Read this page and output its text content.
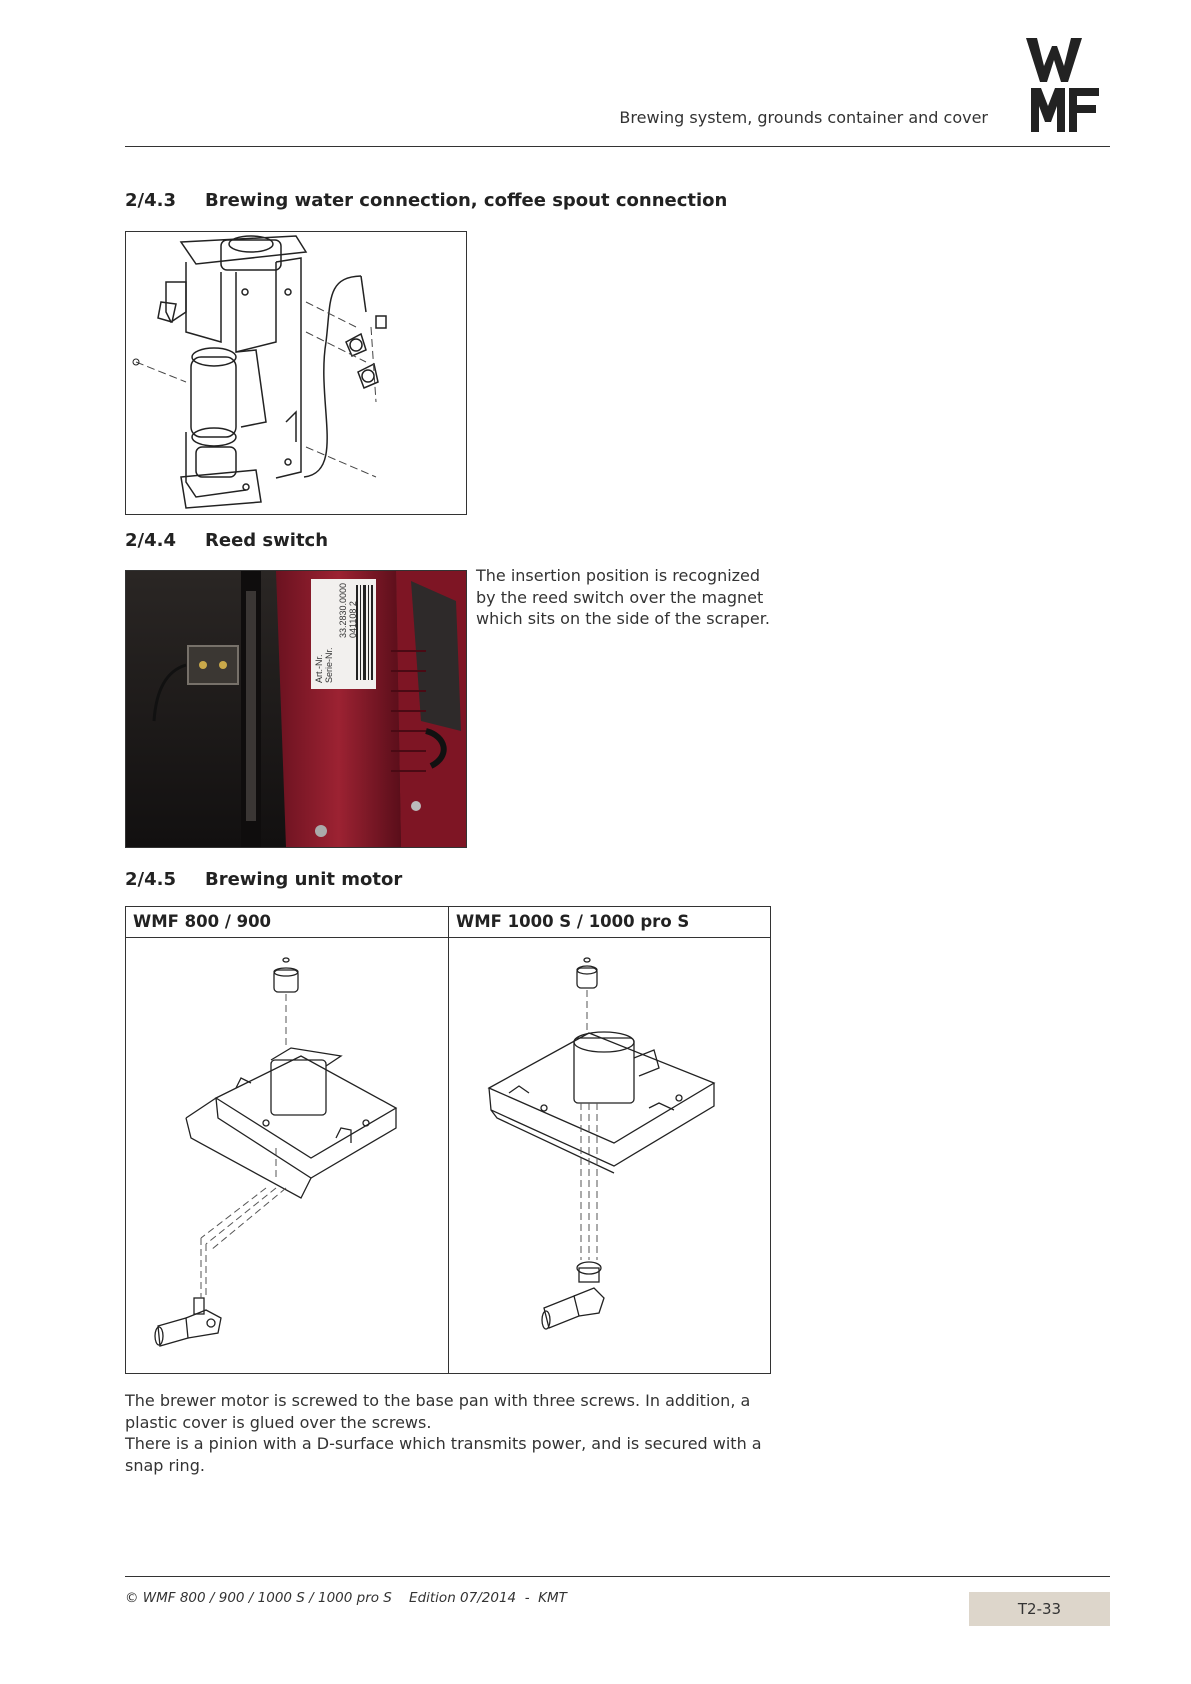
Brewing system, grounds container and cover
2/4.3 Brewing water connection, coffee spout connection
2/4.4 Reed switch
Art.-Nr. Serie-Nr.
33.2830.0000 041108 2
The insertion position is recognized by the reed switch over the magnet which sits on the side of the scraper.
2/4.5 Brewing unit motor
WMF 800 / 900	WMF 1000 S / 1000 pro S
The brewer motor is screwed to the base pan with three screws. In addition, a plastic cover is glued over the screws.
There is a pinion with a D-surface which transmits power, and is secured with a snap ring.
© WMF 800 / 900 / 1000 S / 1000 pro S    Edition 07/2014  -  KMT
T2-33
